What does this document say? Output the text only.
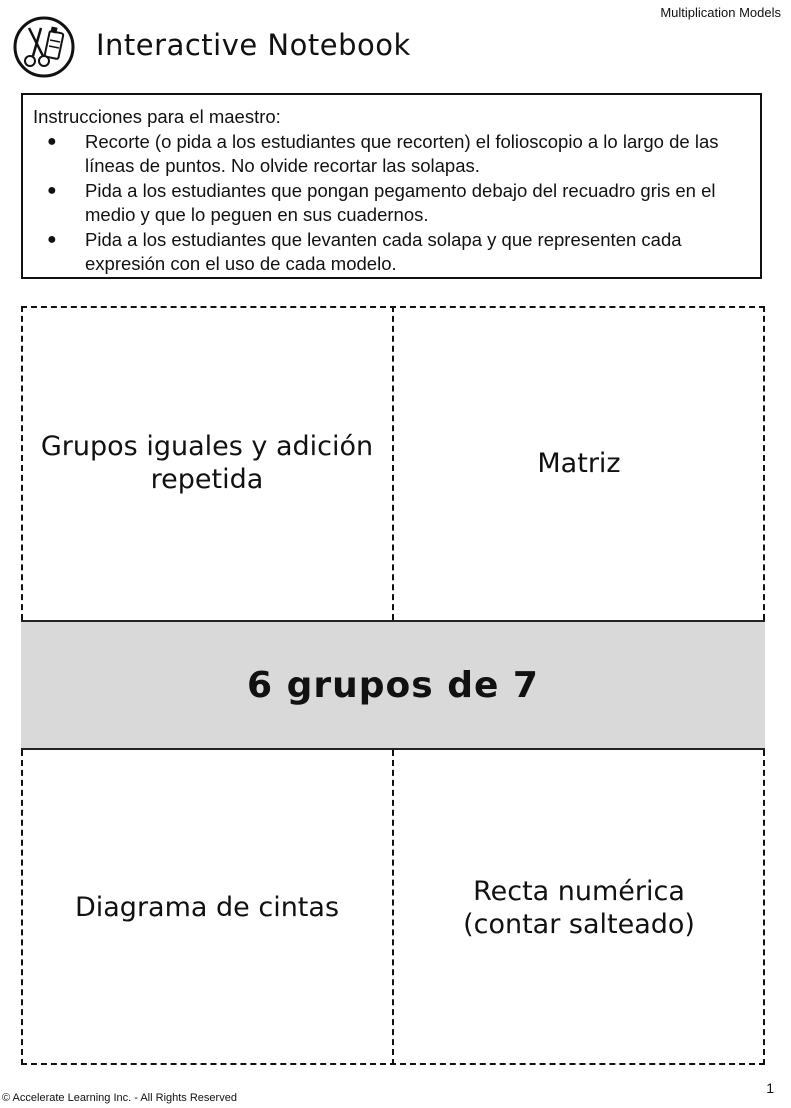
Multiplication Models
Interactive Notebook
Instrucciones para el maestro:
● Recorte (o pida a los estudiantes que recorten) el folioscopio a lo largo de las líneas de puntos. No olvide recortar las solapas.
● Pida a los estudiantes que pongan pegamento debajo del recuadro gris en el medio y que lo peguen en sus cuadernos.
● Pida a los estudiantes que levanten cada solapa y que representen cada expresión con el uso de cada modelo.
Grupos iguales y adición repetida
Matriz
6 grupos de 7
Diagrama de cintas
Recta numérica (contar salteado)
© Accelerate Learning Inc. - All Rights Reserved
1
